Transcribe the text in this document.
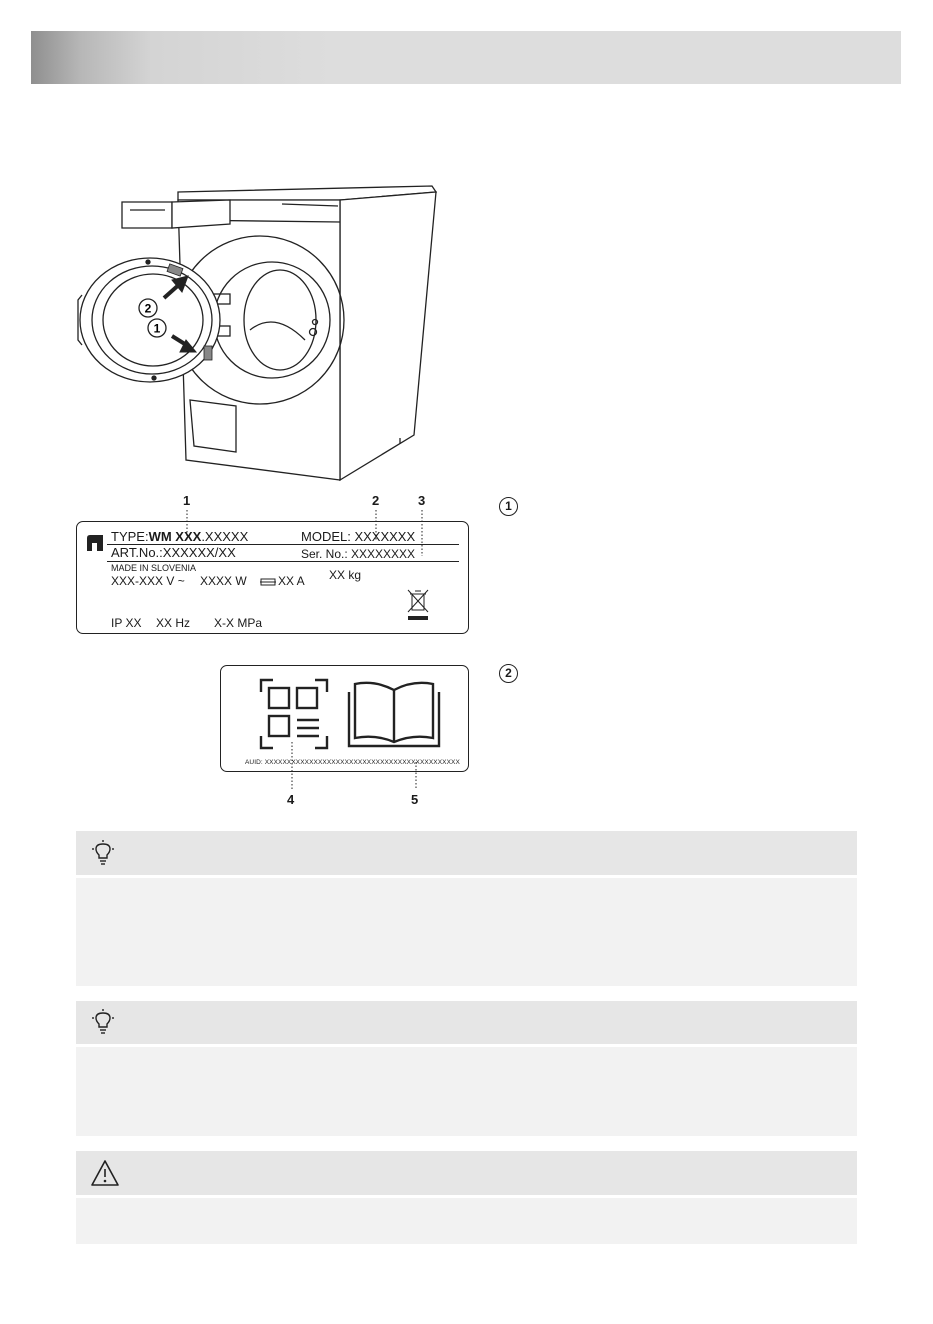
2
1
1	2	3
TYPE:WM XXX.XXXXX	MODEL: XXXXXXX
ART.No.:XXXXXX/XX	Ser. No.: XXXXXXXX
MADE IN SLOVENIA
XXX-XXX V ~ XXXX W	XX A XX kg
IP XX XX Hz X-X MPa
1
2
AUID: XXXXXXXXXXXXXXXXXXXXXXXXXXXXXXXXXXXXXXXXXXXX
4	5
